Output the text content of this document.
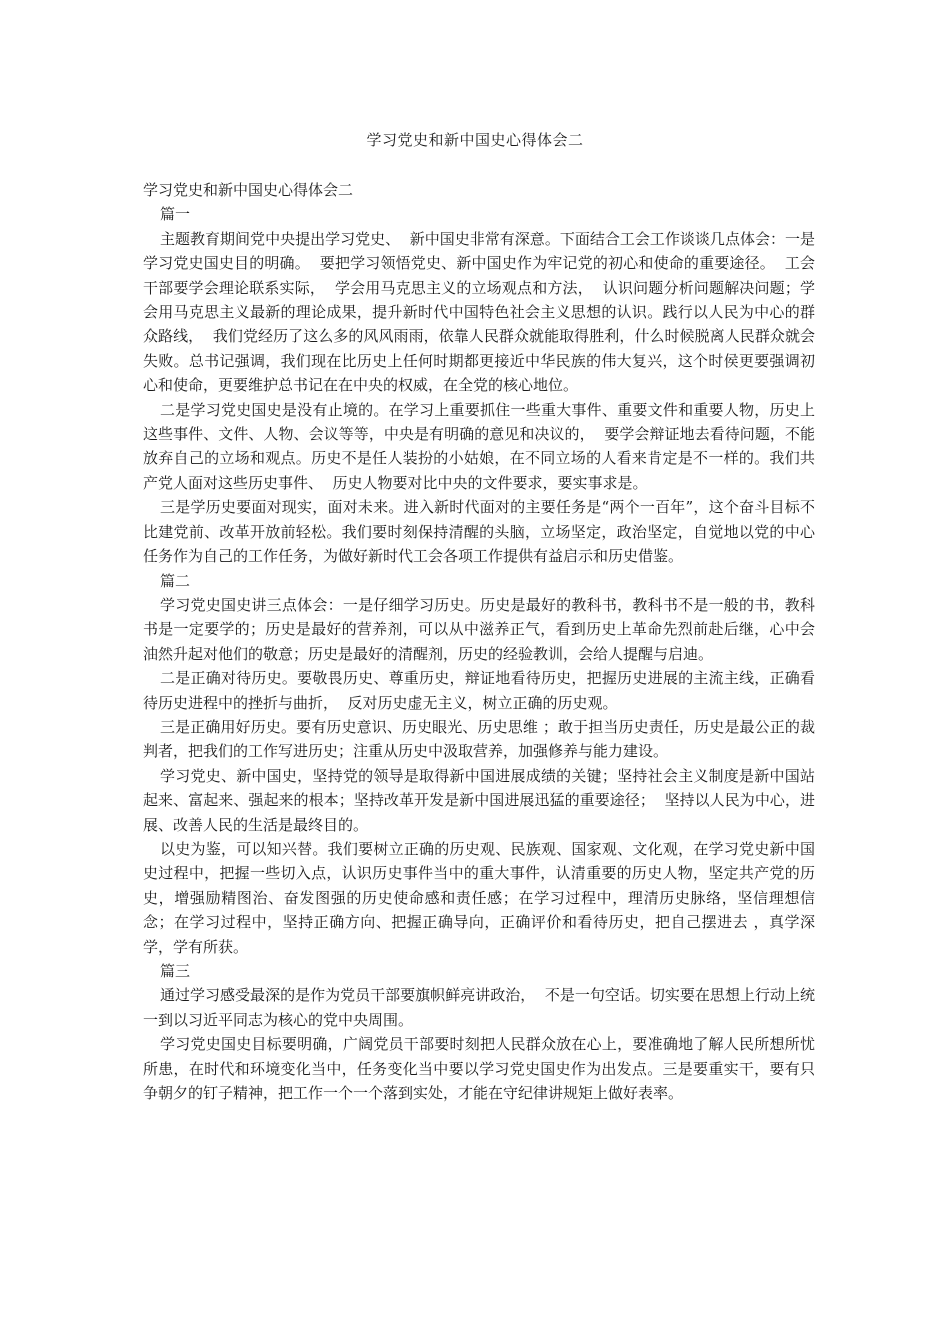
学习党史和新中国史心得体会二

学习党史和新中国史心得体会二

篇一

主题教育期间党中央提出学习党史、  新中国史非常有深意。下面结合工会工作谈谈几点体会：一是学习党史国史目的明确。  要把学习领悟党史、新中国史作为牢记党的初心和使命的重要途径。  工会干部要学会理论联系实际，  学会用马克思主义的立场观点和方法，  认识问题分析问题解决问题；学会用马克思主义最新的理论成果，提升新时代中国特色社会主义思想的认识。践行以人民为中心的群众路线，  我们党经历了这么多的风风雨雨，依靠人民群众就能取得胜利，什么时候脱离人民群众就会失败。总书记强调，我们现在比历史上任何时期都更接近中华民族的伟大复兴，这个时侯更要强调初心和使命，更要维护总书记在在中央的权威，在全党的核心地位。

二是学习党史国史是没有止境的。在学习上重要抓住一些重大事件、重要文件和重要人物，历史上这些事件、文件、人物、会议等等，中央是有明确的意见和决议的，  要学会辩证地去看待问题，不能放弃自己的立场和观点。历史不是任人装扮的小姑娘，在不同立场的人看来肯定是不一样的。我们共产党人面对这些历史事件、  历史人物要对比中央的文件要求，要实事求是。

三是学历史要面对现实，面对未来。进入新时代面对的主要任务是“两个一百年”，这个奋斗目标不比建党前、改革开放前轻松。我们要时刻保持清醒的头脑，立场坚定，政治坚定，自觉地以党的中心任务作为自己的工作任务，为做好新时代工会各项工作提供有益启示和历史借鉴。

篇二

学习党史国史讲三点体会：一是仔细学习历史。历史是最好的教科书，教科书不是一般的书，教科书是一定要学的；历史是最好的营养剂，可以从中滋养正气，看到历史上革命先烈前赴后继，心中会油然升起对他们的敬意；历史是最好的清醒剂，历史的经验教训，会给人提醒与启迪。

二是正确对待历史。要敬畏历史、尊重历史，辩证地看待历史，把握历史进展的主流主线，正确看待历史进程中的挫折与曲折，  反对历史虚无主义，树立正确的历史观。

三是正确用好历史。要有历史意识、历史眼光、历史思维 ；敢于担当历史责任，历史是最公正的裁判者，把我们的工作写进历史；注重从历史中汲取营养，加强修养与能力建设。

学习党史、新中国史，坚持党的领导是取得新中国进展成绩的关键；坚持社会主义制度是新中国站起来、富起来、强起来的根本；坚持改革开发是新中国进展迅猛的重要途径；  坚持以人民为中心，进展、改善人民的生活是最终目的。

以史为鉴，可以知兴替。我们要树立正确的历史观、民族观、国家观、文化观，在学习党史新中国史过程中，把握一些切入点，认识历史事件当中的重大事件，认清重要的历史人物，坚定共产党的历史，增强励精图治、奋发图强的历史使命感和责任感；在学习过程中，理清历史脉络，坚信理想信念；在学习过程中，坚持正确方向、把握正确导向，正确评价和看待历史，把自己摆进去 ，真学深学，学有所获。

篇三

通过学习感受最深的是作为党员干部要旗帜鲜亮讲政治，  不是一句空话。切实要在思想上行动上统一到以习近平同志为核心的党中央周围。

学习党史国史目标要明确，广阔党员干部要时刻把人民群众放在心上，要准确地了解人民所想所忧所患，在时代和环境变化当中，任务变化当中要以学习党史国史作为出发点。三是要重实干，要有只争朝夕的钉子精神，把工作一个一个落到实处，才能在守纪律讲规矩上做好表率。
